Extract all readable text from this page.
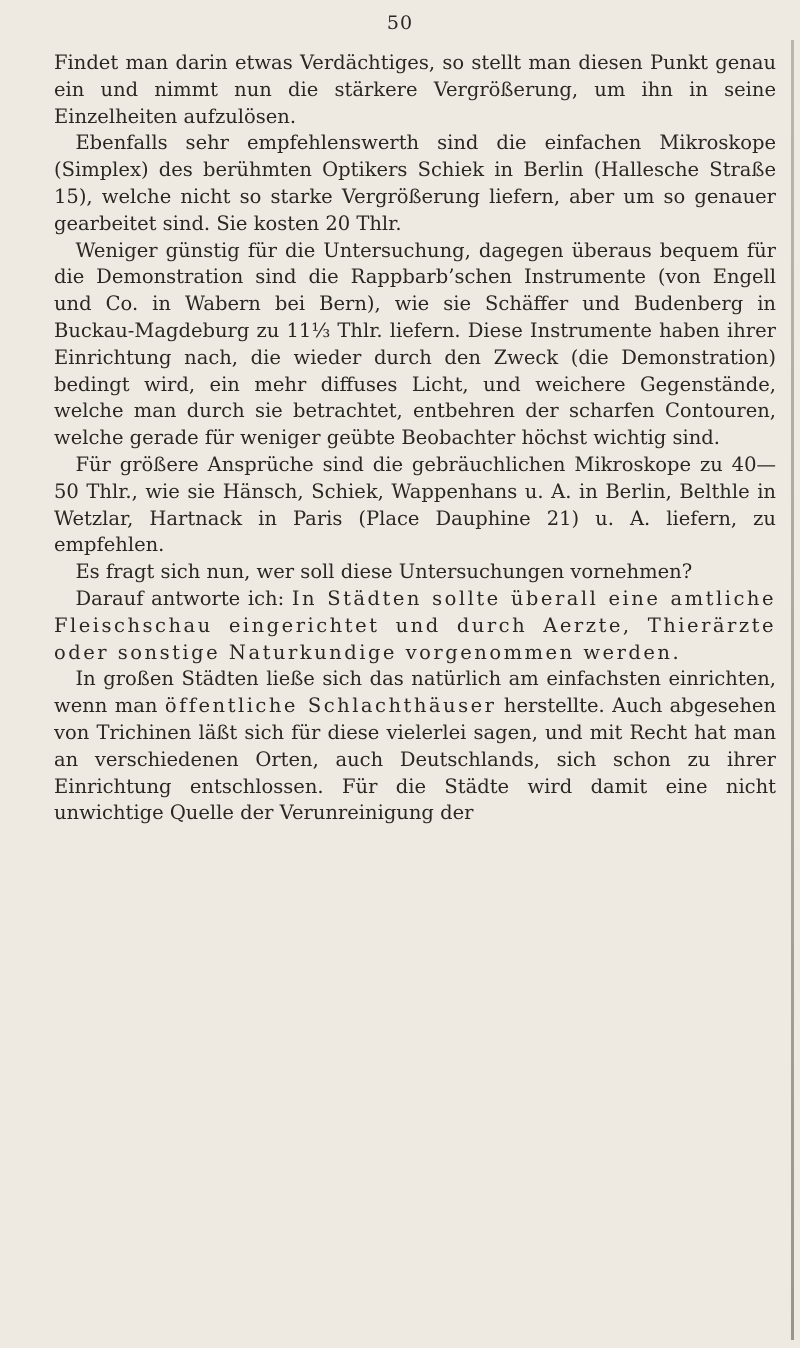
50

Findet man darin etwas Verdächtiges, so stellt man diesen Punkt genau ein und nimmt nun die stärkere Vergrößerung, um ihn in seine Einzelheiten aufzulösen.

Ebenfalls sehr empfehlenswerth sind die einfachen Mikroskope (Simplex) des berühmten Optikers Schiek in Berlin (Hallesche Straße 15), welche nicht so starke Vergrößerung liefern, aber um so genauer gearbeitet sind. Sie kosten 20 Thlr.

Weniger günstig für die Untersuchung, dagegen überaus bequem für die Demonstration sind die Rappbarb’schen Instrumente (von Engell und Co. in Wabern bei Bern), wie sie Schäffer und Budenberg in Buckau-Magdeburg zu 11⅓ Thlr. liefern. Diese Instrumente haben ihrer Einrichtung nach, die wieder durch den Zweck (die Demonstration) bedingt wird, ein mehr diffuses Licht, und weichere Gegenstände, welche man durch sie betrachtet, entbehren der scharfen Contouren, welche gerade für weniger geübte Beobachter höchst wichtig sind.

Für größere Ansprüche sind die gebräuchlichen Mikroskope zu 40—50 Thlr., wie sie Hänsch, Schiek, Wappenhans u. A. in Berlin, Belthle in Wetzlar, Hartnack in Paris (Place Dauphine 21) u. A. liefern, zu empfehlen.

Es fragt sich nun, wer soll diese Untersuchungen vornehmen?

Darauf antworte ich: In Städten sollte überall eine amtliche Fleischschau eingerichtet und durch Aerzte, Thierärzte oder sonstige Naturkundige vorgenommen werden.

In großen Städten ließe sich das natürlich am einfachsten einrichten, wenn man öffentliche Schlachthäuser herstellte. Auch abgesehen von Trichinen läßt sich für diese vielerlei sagen, und mit Recht hat man an verschiedenen Orten, auch Deutschlands, sich schon zu ihrer Einrichtung entschlossen. Für die Städte wird damit eine nicht unwichtige Quelle der Verunreinigung der
